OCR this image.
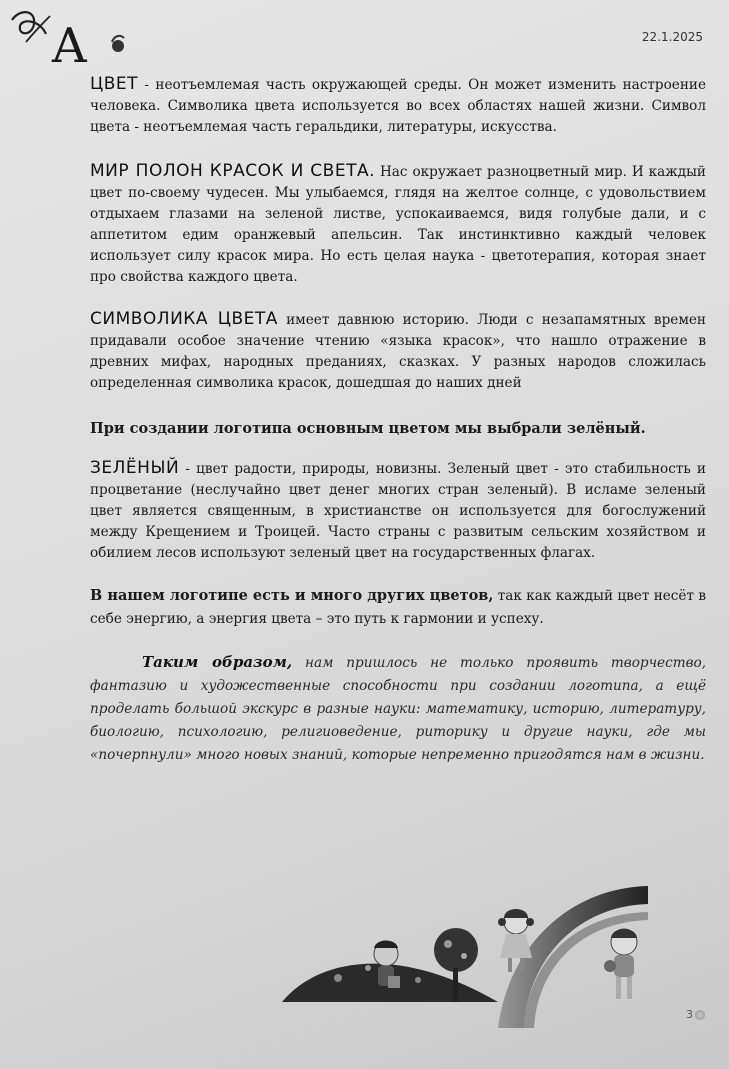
A	22.1.2025

ЦВЕТ - неотъемлемая часть окружающей среды. Он может изменить настроение человека. Символика цвета используется во всех областях нашей жизни. Символ цвета - неотъемлемая часть геральдики, литературы, искусства.

МИР ПОЛОН КРАСОК И СВЕТА. Нас окружает разноцветный мир. И каждый цвет по-своему чудесен. Мы улыбаемся, глядя на желтое солнце, с удовольствием отдыхаем глазами на зеленой листве, успокаиваемся, видя голубые дали, и с аппетитом едим оранжевый апельсин. Так инстинктивно каждый человек использует силу красок мира. Но есть целая наука - цветотерапия, которая знает про свойства каждого цвета.

СИМВОЛИКА ЦВЕТА имеет давнюю историю. Люди с незапамятных времен придавали особое значение чтению «языка красок», что нашло отражение в древних мифах, народных преданиях, сказках. У разных народов сложилась определенная символика красок, дошедшая до наших дней

При создании логотипа основным цветом мы выбрали зелёный.

ЗЕЛЁНЫЙ - цвет радости, природы, новизны. Зеленый цвет - это стабильность и процветание (неслучайно цвет денег многих стран зеленый). В исламе зеленый цвет является священным, в христианстве он используется для богослужений между Крещением и Троицей. Часто страны с развитым сельским хозяйством и обилием лесов используют зеленый цвет на государственных флагах.

В нашем логотипе есть и много других цветов, так как каждый цвет несёт в себе энергию, а энергия цвета – это путь к гармонии и успеху.

Таким образом, нам пришлось не только проявить творчество, фантазию и художественные способности при создании логотипа, а ещё проделать большой экскурс в разные науки: математику, историю, литературу, биологию, психологию, религиоведение, риторику и другие науки, где мы «почерпнули» много новых знаний, которые непременно пригодятся нам в жизни.

3
